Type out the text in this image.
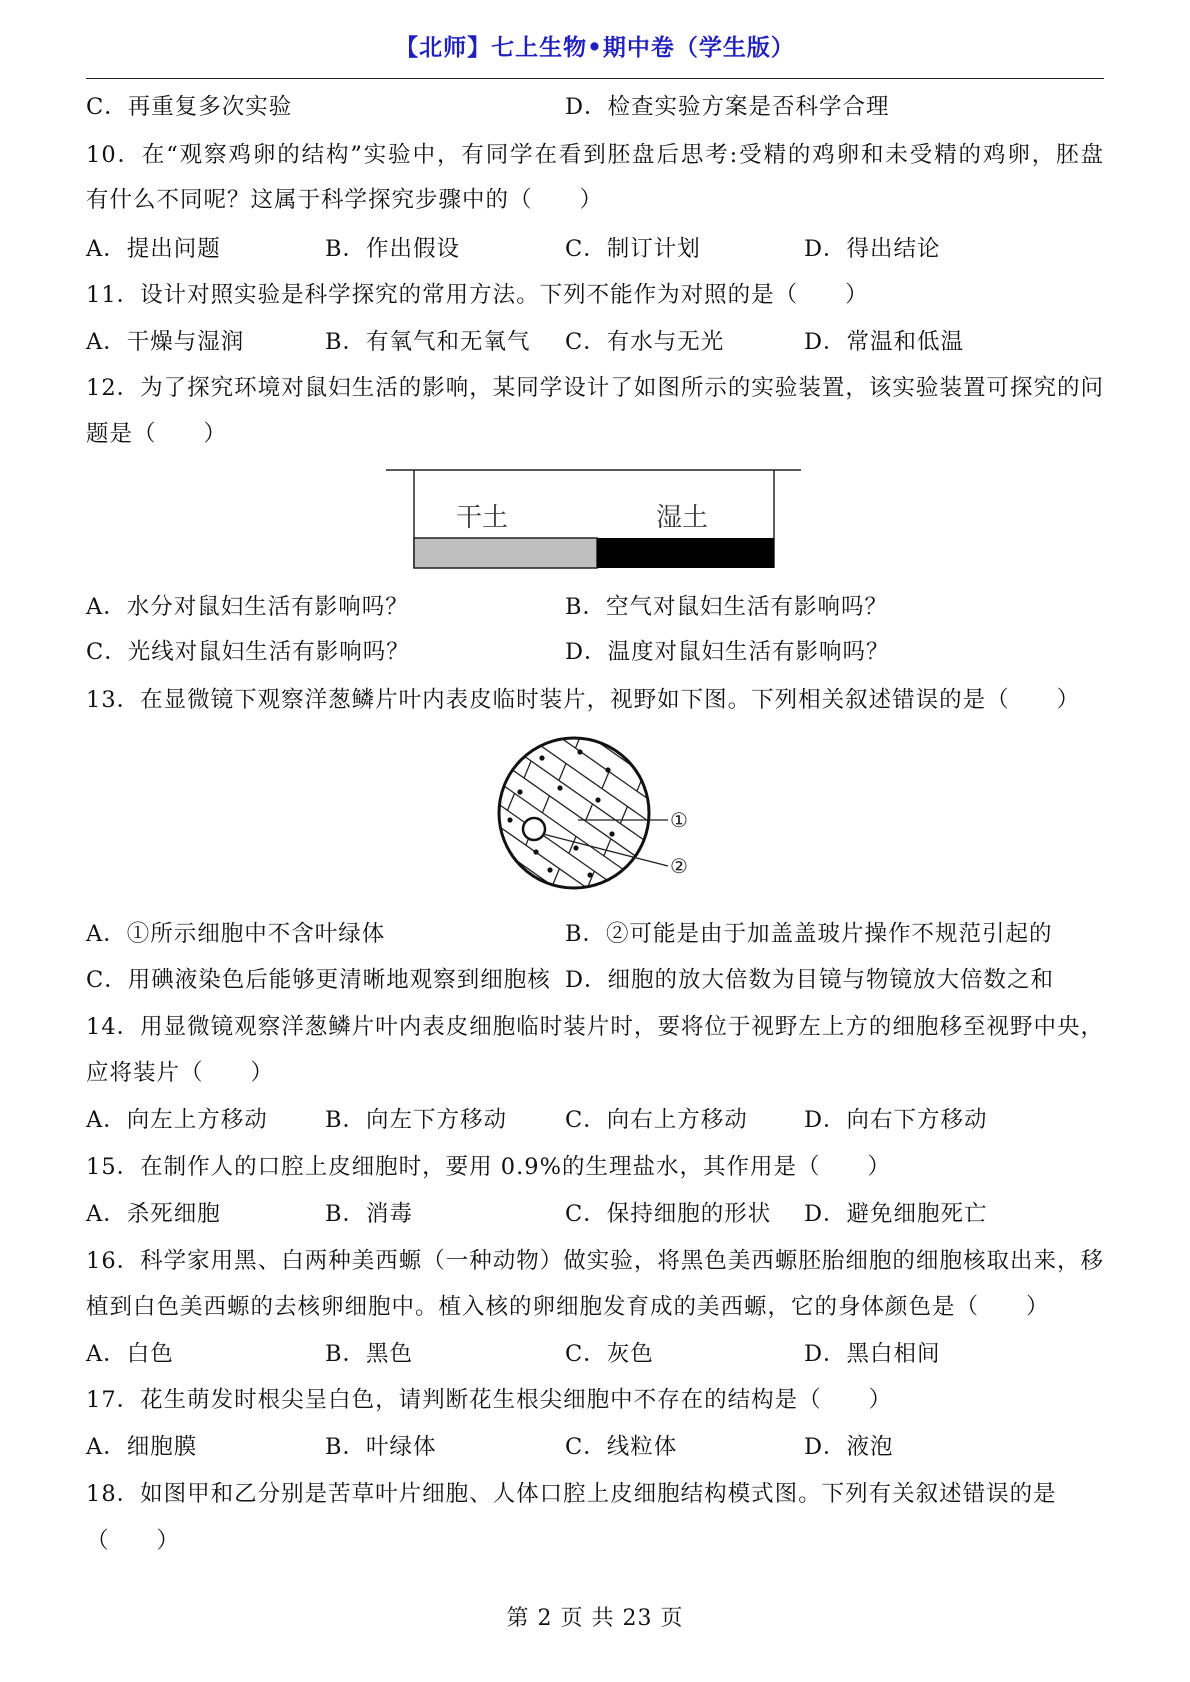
【北师】七上生物•期中卷（学生版）
C．再重复多次实验	D．检查实验方案是否科学合理
10．在“观察鸡卵的结构”实验中，有同学在看到胚盘后思考:受精的鸡卵和未受精的鸡卵，胚盘
有什么不同呢？这属于科学探究步骤中的（　　）
A．提出问题	B．作出假设	C．制订计划	D．得出结论
11．设计对照实验是科学探究的常用方法。下列不能作为对照的是（　　）
A．干燥与湿润	B．有氧气和无氧气 C．有水与无光	D．常温和低温
12．为了探究环境对鼠妇生活的影响，某同学设计了如图所示的实验装置，该实验装置可探究的问
题是（　　）
干土	湿土
A．水分对鼠妇生活有影响吗？	B．空气对鼠妇生活有影响吗？
C．光线对鼠妇生活有影响吗？	D．温度对鼠妇生活有影响吗？
13．在显微镜下观察洋葱鳞片叶内表皮临时装片，视野如下图。下列相关叙述错误的是（　　）
①
②
A．①所示细胞中不含叶绿体	B．②可能是由于加盖盖玻片操作不规范引起的
C．用碘液染色后能够更清晰地观察到细胞核 D．细胞的放大倍数为目镜与物镜放大倍数之和
14．用显微镜观察洋葱鳞片叶内表皮细胞临时装片时，要将位于视野左上方的细胞移至视野中央，
应将装片（　　）
A．向左上方移动	B．向左下方移动	C．向右上方移动	D．向右下方移动
15．在制作人的口腔上皮细胞时，要用 0.9%的生理盐水，其作用是（　　）
A．杀死细胞	B．消毒	C．保持细胞的形状 D．避免细胞死亡
16．科学家用黑、白两种美西螈（一种动物）做实验，将黑色美西螈胚胎细胞的细胞核取出来，移
植到白色美西螈的去核卵细胞中。植入核的卵细胞发育成的美西螈，它的身体颜色是（　　）
A．白色	B．黑色	C．灰色	D．黑白相间
17．花生萌发时根尖呈白色，请判断花生根尖细胞中不存在的结构是（　　）
A．细胞膜	B．叶绿体	C．线粒体	D．液泡
18．如图甲和乙分别是苦草叶片细胞、人体口腔上皮细胞结构模式图。下列有关叙述错误的是
（　　）
第 2 页 共 23 页
